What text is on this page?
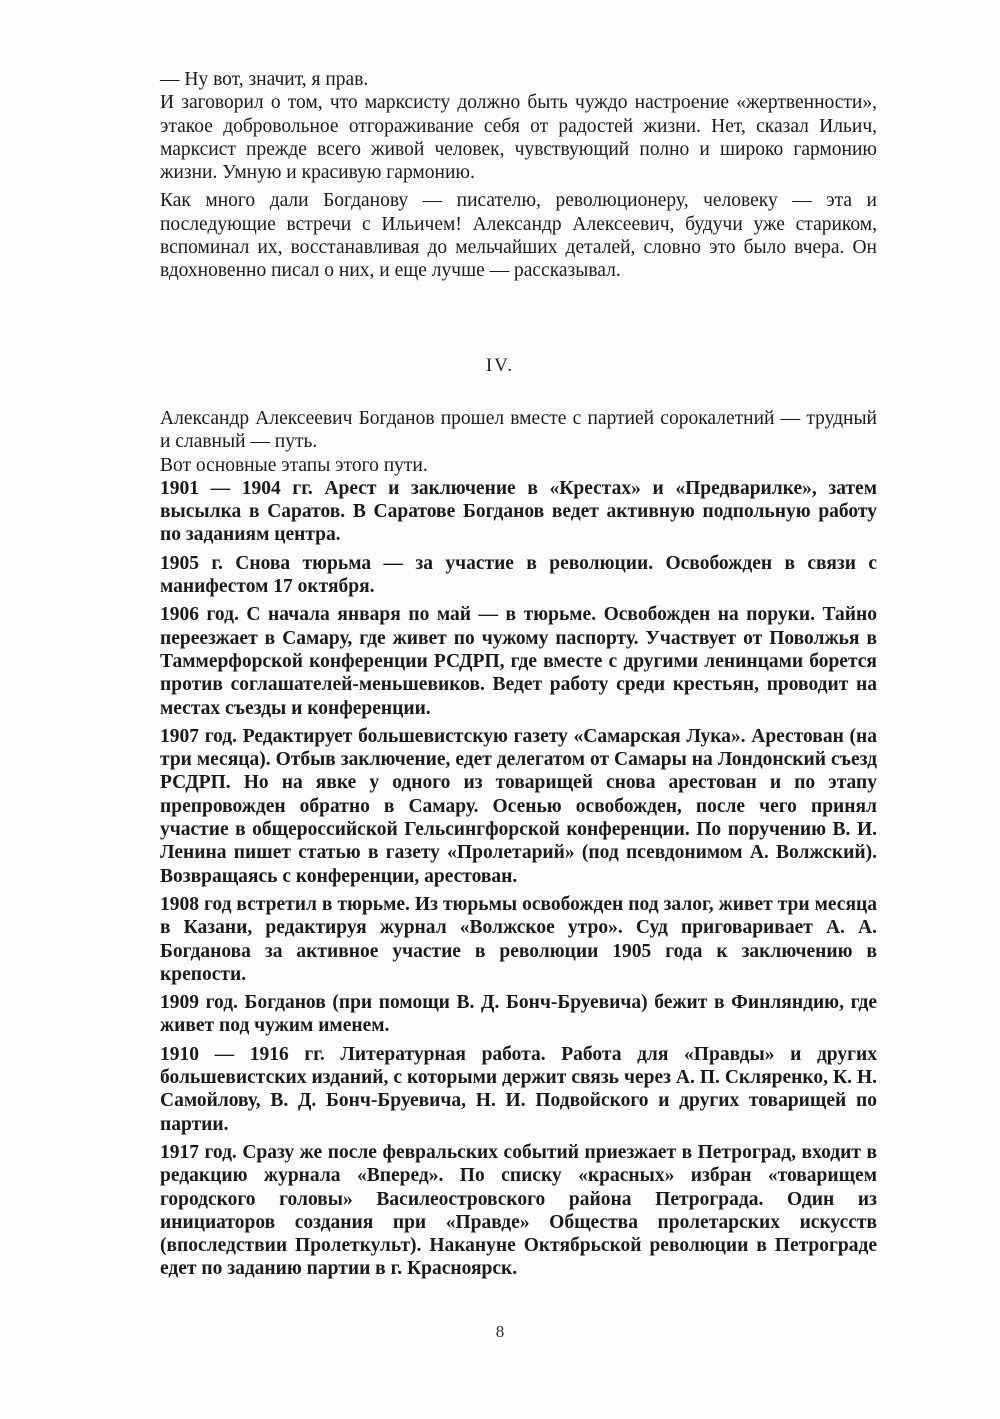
— Ну вот, значит, я прав.

И заговорил о том, что марксисту должно быть чуждо настроение «жертвенности», этакое добровольное отгораживание себя от радостей жизни. Нет, сказал Ильич, марксист прежде всего живой человек, чувствующий полно и широко гармонию жизни. Умную и красивую гармонию.

Как много дали Богданову — писателю, революционеру, человеку — эта и последующие встречи с Ильичем! Александр Алексеевич, будучи уже стариком, вспоминал их, восстанавливая до мельчайших деталей, словно это было вчера. Он вдохновенно писал о них, и еще лучше — рассказывал.

IV.

Александр Алексеевич Богданов прошел вместе с партией сорокалетний — трудный и славный — путь.

Вот основные этапы этого пути.

1901 — 1904 гг. Арест и заключение в «Крестах» и «Предварилке», затем высылка в Саратов. В Саратове Богданов ведет активную подпольную работу по заданиям центра.

1905 г. Снова тюрьма — за участие в революции. Освобожден в связи с манифестом 17 октября.

1906 год. С начала января по май — в тюрьме. Освобожден на поруки. Тайно переезжает в Самару, где живет по чужому паспорту. Участвует от Поволжья в Таммерфорской конференции РСДРП, где вместе с другими ленинцами борется против соглашателей-меньшевиков. Ведет работу среди крестьян, проводит на местах съезды и конференции.

1907 год. Редактирует большевистскую газету «Самарская Лука». Арестован (на три месяца). Отбыв заключение, едет делегатом от Самары на Лондонский съезд РСДРП. Но на явке у одного из товарищей снова арестован и по этапу препровожден обратно в Самару. Осенью освобожден, после чего принял участие в общероссийской Гельсингфорской конференции. По поручению В. И. Ленина пишет статью в газету «Пролетарий» (под псевдонимом А. Волжский). Возвращаясь с конференции, арестован.

1908 год встретил в тюрьме. Из тюрьмы освобожден под залог, живет три месяца в Казани, редактируя журнал «Волжское утро». Суд приговаривает А. А. Богданова за активное участие в революции 1905 года к заключению в крепости.

1909 год. Богданов (при помощи В. Д. Бонч-Бруевича) бежит в Финляндию, где живет под чужим именем.

1910 — 1916 гг. Литературная работа. Работа для «Правды» и других большевистских изданий, с которыми держит связь через А. П. Скляренко, К. Н. Самойлову, В. Д. Бонч-Бруевича, Н. И. Подвойского и других товарищей по партии.

1917 год. Сразу же после февральских событий приезжает в Петроград, входит в редакцию журнала «Вперед». По списку «красных» избран «товарищем городского головы» Василеостровского района Петрограда. Один из инициаторов создания при «Правде» Общества пролетарских искусств (впоследствии Пролеткульт). Накануне Октябрьской революции в Петрограде едет по заданию партии в г. Красноярск.

8
